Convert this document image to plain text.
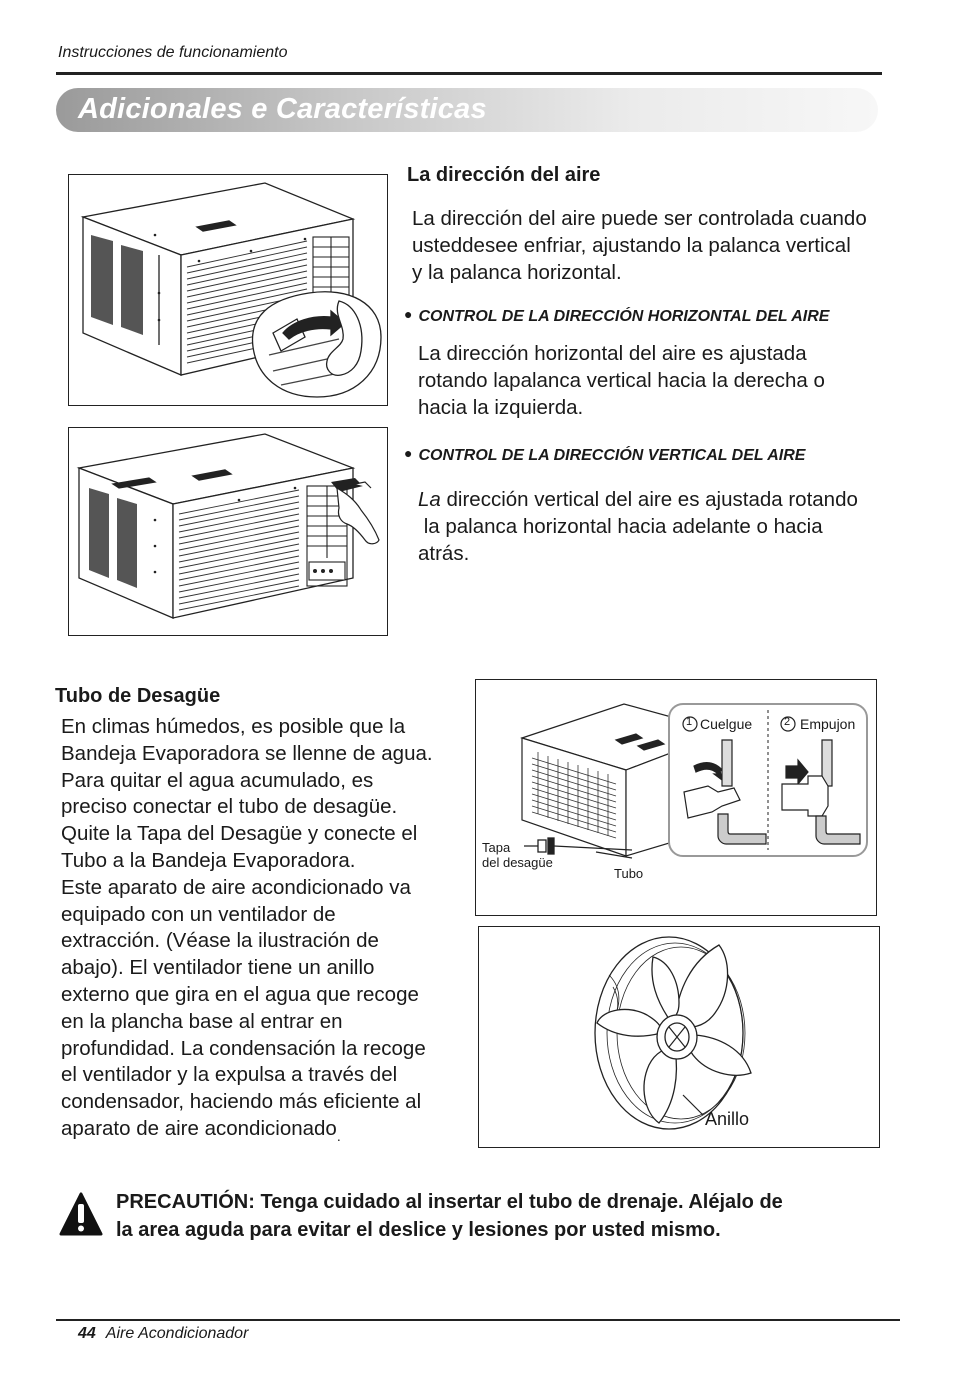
Instrucciones de funcionamiento
Adicionales e Características
La dirección del aire

La dirección del aire puede ser controlada cuando

usteddesee enfriar, ajustando la palanca vertical

y la palanca horizontal.

● CONTROL DE LA DIRECCIÓN HORIZONTAL DEL AIRE

La dirección horizontal del aire es ajustada

rotando lapalanca vertical hacia la derecha o

hacia la izquierda.

● CONTROL DE LA DIRECCIÓN VERTICAL DEL AIRE

La dirección vertical del aire es ajustada rotando

la palanca horizontal hacia adelante o hacia

atrás.

Tubo de Desagüe

En climas húmedos, es posible que la

Bandeja Evaporadora se llenne de agua.

Para quitar el agua acumulado, es

preciso conectar el tubo de desagüe.

Quite la Tapa del Desagüe y conecte el

Tubo a la Bandeja Evaporadora.

Este aparato de aire acondicionado va

equipado con un ventilador de

extracción. (Véase la ilustración de

abajo). El ventilador tiene un anillo

externo que gira en el agua que recoge

en la plancha base al entrar en

profundidad. La condensación la recoge

el ventilador y la expulsa a través del

condensador, haciendo más eficiente al

aparato de aire acondicionado$_.$

1 Cuelgue	2 Empujon
Tapa
del desagüe
Tubo
Anillo
PRECAUTIÓN: Tenga cuidado al insertar el tubo de drenaje. Aléjalo de
la area aguda para evitar el deslice y lesiones por usted mismo.
44 Aire Acondicionador
